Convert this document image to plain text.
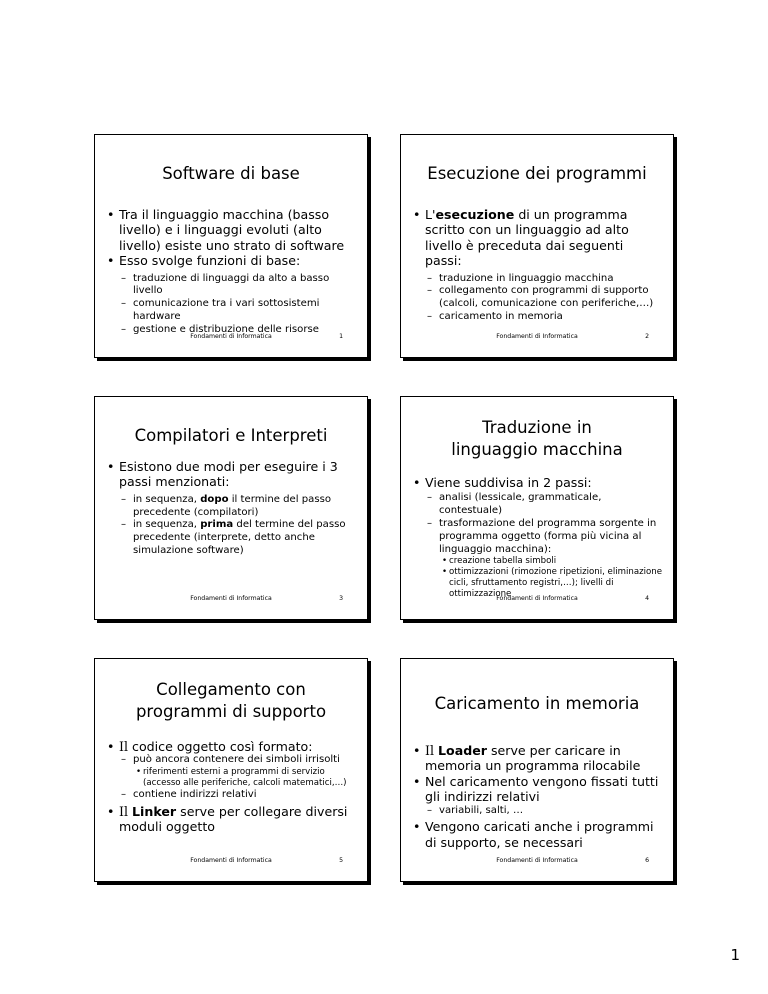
Software di base

• Tra il linguaggio macchina (basso livello) e i linguaggi evoluti (alto livello) esiste uno strato di software

• Esso svolge funzioni di base:

– traduzione di linguaggi da alto a basso livello

– comunicazione tra i vari sottosistemi hardware

– gestione e distribuzione delle risorse

Fondamenti di Informatica	1
Esecuzione dei programmi

• L'esecuzione di un programma scritto con un linguaggio ad alto livello è preceduta dai seguenti passi:

– traduzione in linguaggio macchina

– collegamento con programmi di supporto (calcoli, comunicazione con periferiche,…)

– caricamento in memoria

Fondamenti di Informatica	2
Compilatori e Interpreti

• Esistono due modi per eseguire i 3 passi menzionati:

– in sequenza, dopo il termine del passo precedente (compilatori)

– in sequenza, prima del termine del passo precedente (interprete, detto anche simulazione software)

Fondamenti di Informatica	3
Traduzione in
linguaggio macchina

• Viene suddivisa in 2 passi:

– analisi (lessicale, grammaticale, contestuale)

– trasformazione del programma sorgente in programma oggetto (forma più vicina al linguaggio macchina):

• creazione tabella simboli

• ottimizzazioni (rimozione ripetizioni, eliminazione cicli, sfruttamento registri,…); livelli di ottimizzazione

Fondamenti di Informatica	4
Collegamento con
programmi di supporto

• Il codice oggetto così formato:

– può ancora contenere dei simboli irrisolti

• riferimenti esterni a programmi di servizio (accesso alle periferiche, calcoli matematici,…)

– contiene indirizzi relativi

• Il Linker serve per collegare diversi moduli oggetto

Fondamenti di Informatica	5
Caricamento in memoria

• Il Loader serve per caricare in memoria un programma rilocabile

• Nel caricamento vengono fissati tutti gli indirizzi relativi

– variabili, salti, …

• Vengono caricati anche i programmi di supporto, se necessari

Fondamenti di Informatica	6
1
